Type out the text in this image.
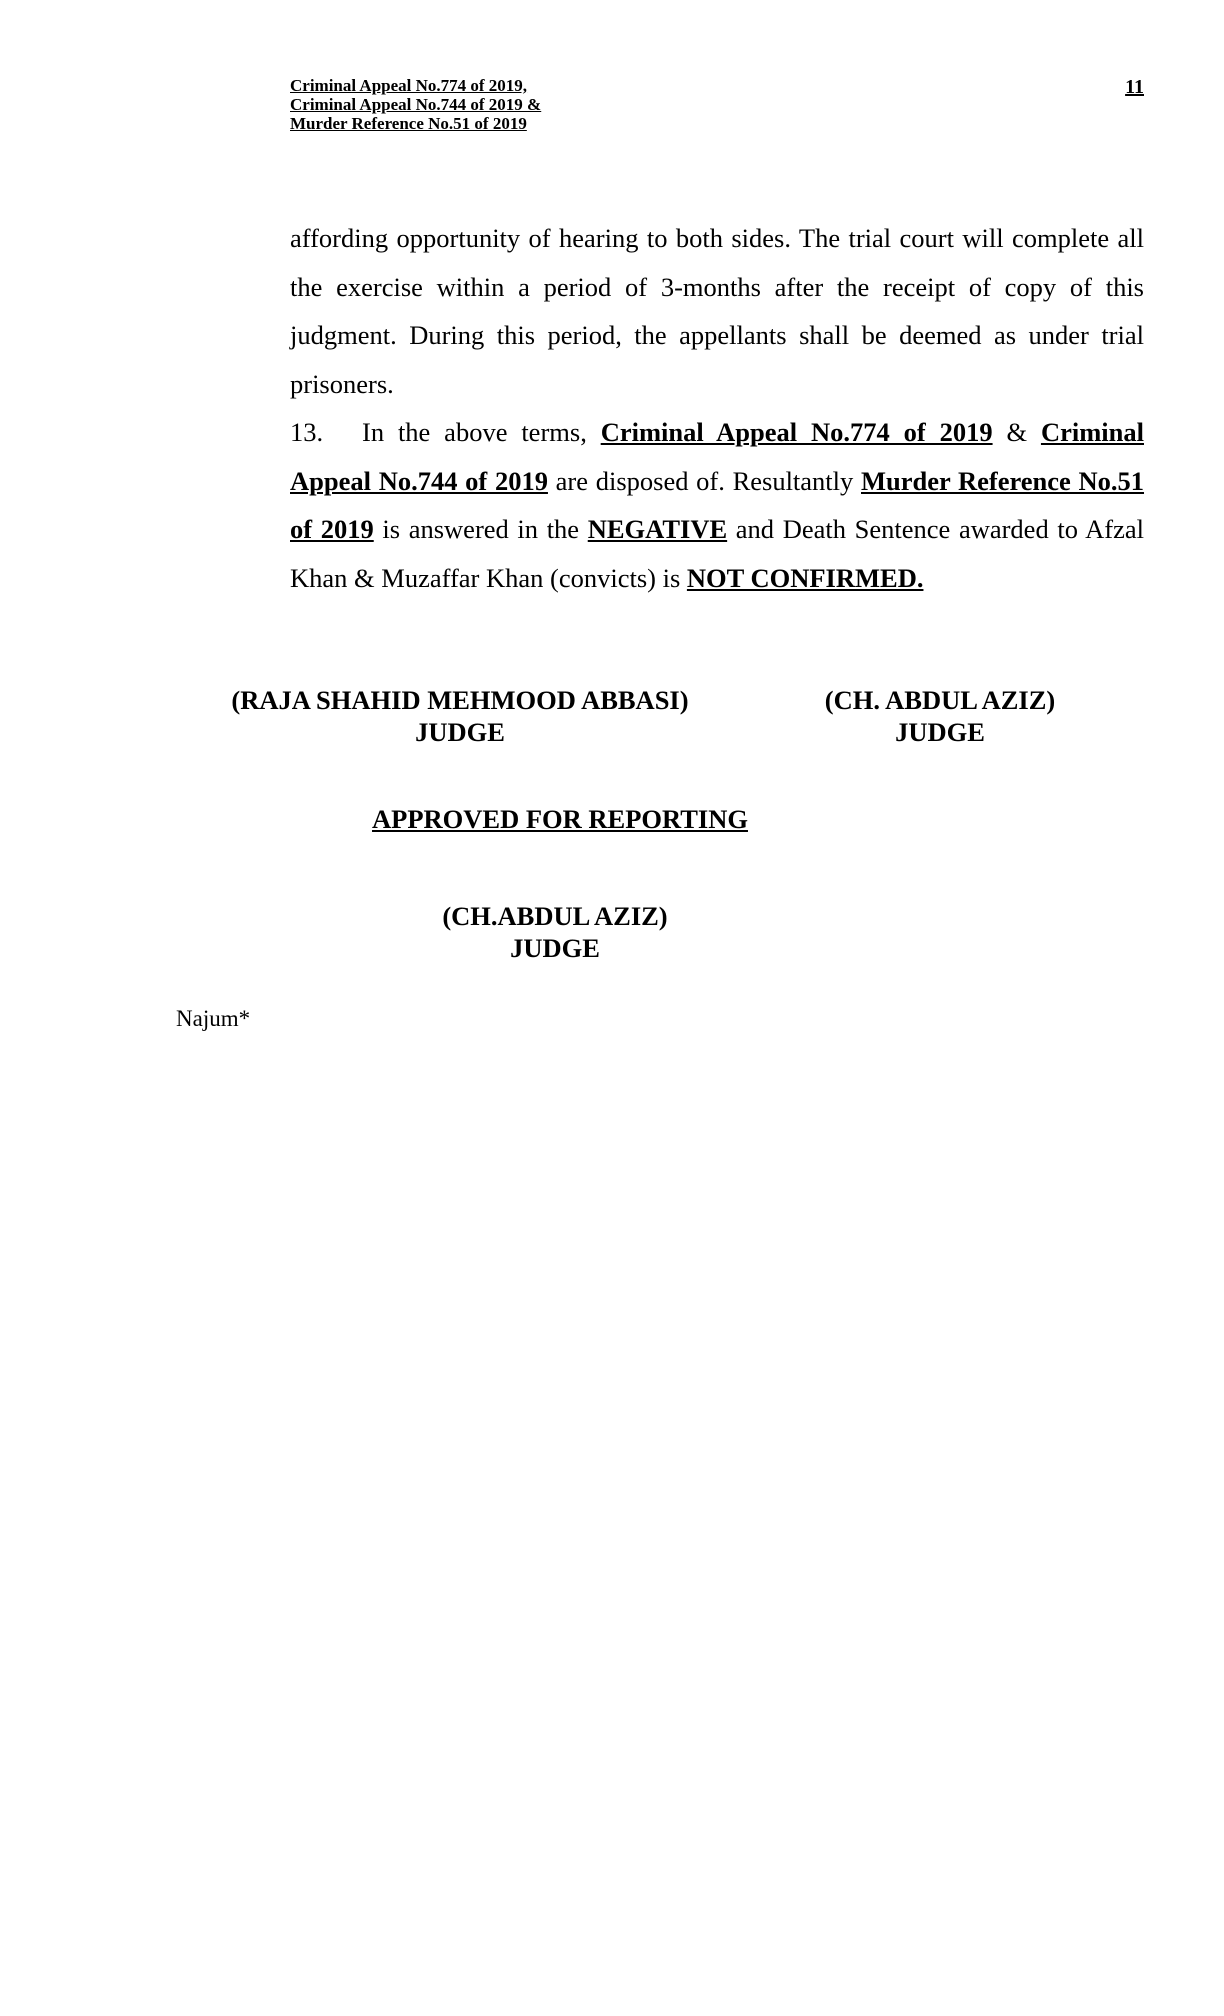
Criminal Appeal No.774 of 2019,
Criminal Appeal No.744 of 2019 &
Murder Reference No.51 of 2019
11

affording opportunity of hearing to both sides. The trial court will complete all the exercise within a period of 3-months after the receipt of copy of this judgment. During this period, the appellants shall be deemed as under trial prisoners.

13. In the above terms, Criminal Appeal No.774 of 2019 & Criminal Appeal No.744 of 2019 are disposed of. Resultantly Murder Reference No.51 of 2019 is answered in the NEGATIVE and Death Sentence awarded to Afzal Khan & Muzaffar Khan (convicts) is NOT CONFIRMED.

(RAJA SHAHID MEHMOOD ABBASI)
JUDGE
(CH. ABDUL AZIZ)
JUDGE
APPROVED FOR REPORTING
(CH.ABDUL AZIZ)
JUDGE
Najum*
